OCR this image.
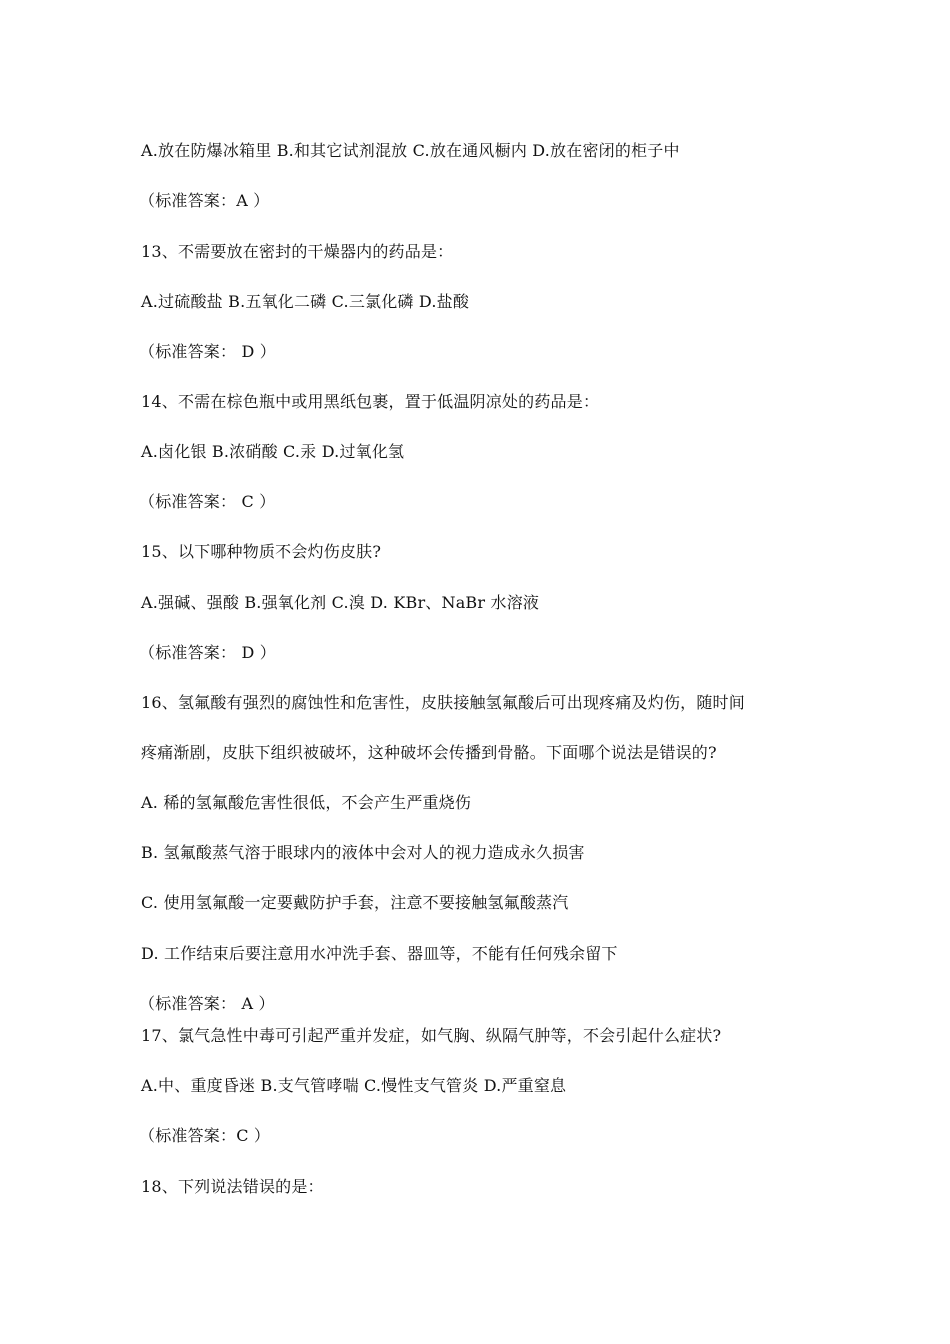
A.放在防爆冰箱里 B.和其它试剂混放 C.放在通风橱内 D.放在密闭的柜子中
（标准答案：A ）
13、不需要放在密封的干燥器内的药品是：
A.过硫酸盐 B.五氧化二磷 C.三氯化磷 D.盐酸
（标准答案： D ）
14、不需在棕色瓶中或用黑纸包裹，置于低温阴凉处的药品是：
A.卤化银 B.浓硝酸 C.汞 D.过氧化氢
（标准答案： C ）
15、以下哪种物质不会灼伤皮肤?
A.强碱、强酸 B.强氧化剂 C.溴 D. KBr、NaBr 水溶液
（标准答案： D ）
16、氢氟酸有强烈的腐蚀性和危害性，皮肤接触氢氟酸后可出现疼痛及灼伤，随时间
疼痛渐剧，皮肤下组织被破坏，这种破坏会传播到骨骼。下面哪个说法是错误的?
A. 稀的氢氟酸危害性很低，不会产生严重烧伤
B. 氢氟酸蒸气溶于眼球内的液体中会对人的视力造成永久损害
C. 使用氢氟酸一定要戴防护手套，注意不要接触氢氟酸蒸汽
D. 工作结束后要注意用水冲洗手套、器皿等，不能有任何残余留下
（标准答案： A ）
17、氯气急性中毒可引起严重并发症，如气胸、纵隔气肿等，不会引起什么症状?
A.中、重度昏迷 B.支气管哮喘 C.慢性支气管炎 D.严重窒息
（标准答案：C ）
18、下列说法错误的是：
